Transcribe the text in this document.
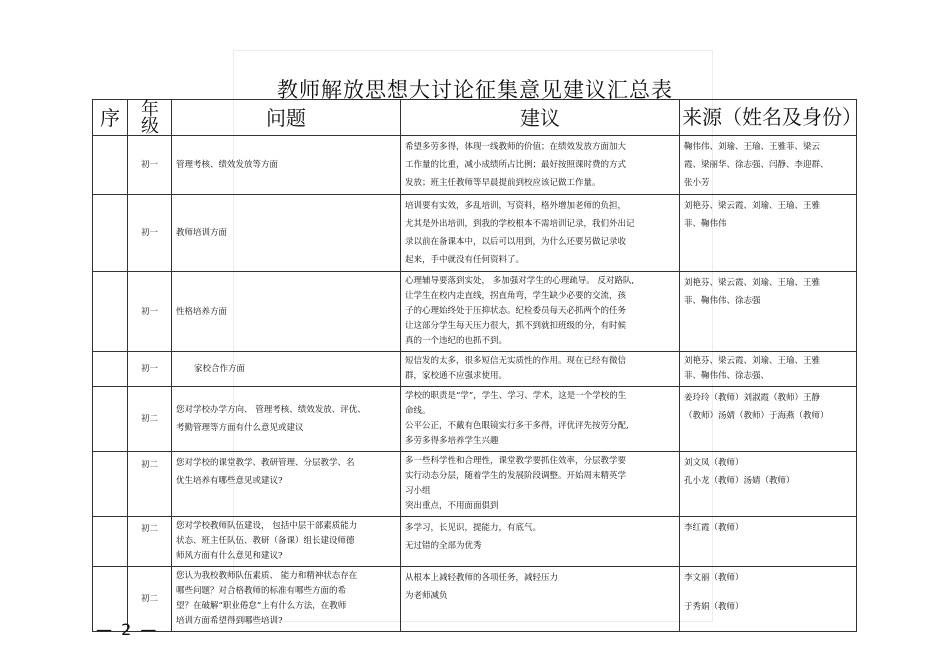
教师解放思想大讨论征集意见建议汇总表
序	年级	问题	建议	来源（姓名及身份）
	初一	管理考核、绩效发放等方面	希望多劳多得，体现一线教师的价值；在绩效发放方面加大
工作量的比重，减小成绩所占比例；最好按照课时费的方式
发放；班主任教师等早晨提前到校应该记做工作量。	鞠伟伟、刘瑜、王瑜、王雅菲、梁云
霞、梁丽华、徐志强、闫静、李迎群、
张小芳

	初一	教师培训方面	培训要有实效，多乱培训，写资料，格外增加老师的负担，
尤其是外出培训，到我的学校根本不需培训记录，我们外出记
录以前在备课本中，以后可以用到，为什么还要另做记录收
起来，手中就没有任何资料了。	刘艳芬、梁云霞、刘瑜、王瑜、王雅
菲、鞠伟伟

	初一	性格培养方面	心理辅导要落到实处， 多加强对学生的心理疏导。 反对路队,
让学生在校内走直线，拐直角弯，学生缺少必要的交流，孩
子的心理始终处于压抑状态。纪检委员每天必抓两个的任务
让这部分学生每天压力很大，抓不到就扣班级的分，有时候
真的一个违纪的也抓不到。	刘艳芬、梁云霞、刘瑜、王瑜、王雅
菲、鞠伟伟、徐志强

	初一	家校合作方面	短信发的太多，很多短信无实质性的作用。现在已经有微信
群，家校通不应强求使用。	刘艳芬、梁云霞、刘瑜、王瑜、王雅
菲、鞠伟伟、徐志强、

	初二	您对学校办学方向、 管理考核、绩效发放、评优、
考勤管理等方面有什么意见或建议	学校的职责是“学”，学生、学习、学术，这是一个学校的生
命线。
公平公正，不戴有色眼镜实行多干多得，评优评先按劳分配,
多劳多得多培养学生兴趣	姜玲玲（教师）刘淑霞（教师）王静
（教师）汤婧（教师）于海燕（教师）

	初二	您对学校的课堂教学、教研管理、分层教学、名
优生培养有哪些意见或建议?	多一些科学性和合理性，课堂教学要抓住效率，分层教学要
实行动态分层，随着学生的发展阶段调整。开始周末精英学
习小组
突出重点，不用面面俱到	刘文凤（教师）
孔小龙（教师）汤婧（教师）

	初二	您对学校教师队伍建设， 包括中层干部素质能力
状态、班主任队伍、教研（备课）组长建设师德
师风方面有什么意见和建议?	多学习，长见识，提能力，有底气。
无过错的全部为优秀	李红霞（教师）

	初二	您认为我校教师队伍素质、 能力和精神状态存在
哪些问题？对合格教师的标准有哪些方面的希
望？在破解“职业倦怠”上有什么方法，在教师
培训方面希望得到哪些培训?	从根本上减轻教师的各项任务，减轻压力
为老师减负	李文丽（教师）
于秀娟（教师）
— 2 —
